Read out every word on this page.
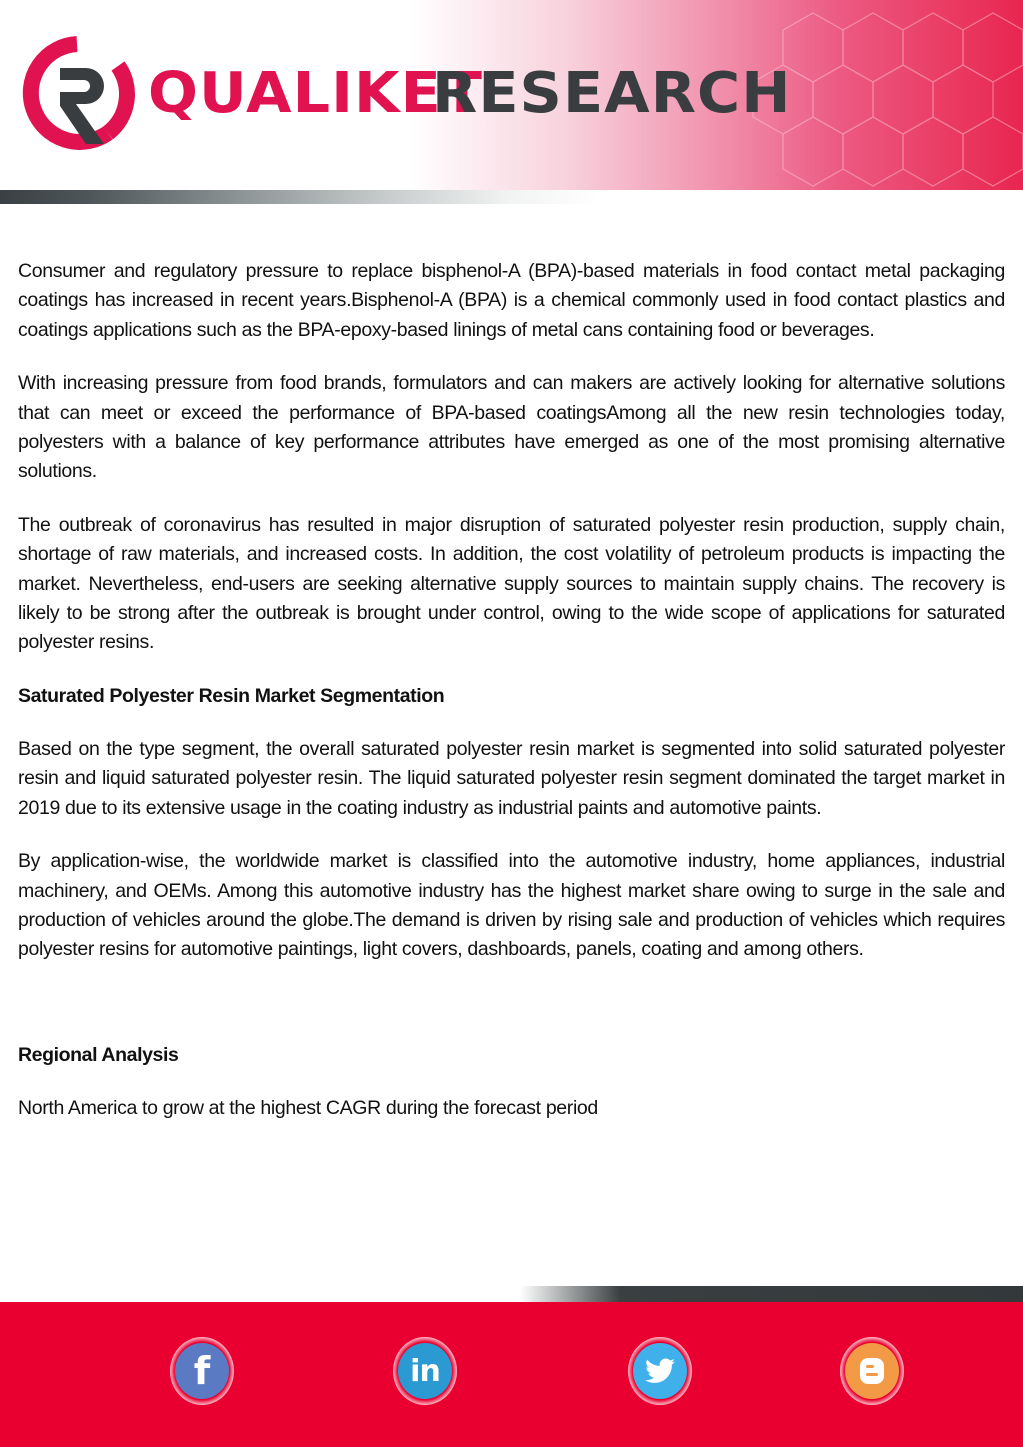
QUALIKET
RESEARCH

Consumer and regulatory pressure to replace bisphenol-A (BPA)-based materials in food contact metal packaging coatings has increased in recent years.Bisphenol-A (BPA) is a chemical commonly used in food contact plastics and coatings applications such as the BPA-epoxy-based linings of metal cans containing food or beverages.

With increasing pressure from food brands, formulators and can makers are actively looking for alternative solutions that can meet or exceed the performance of BPA-based coatingsAmong all the new resin technologies today, polyesters with a balance of key performance attributes have emerged as one of the most promising alternative solutions.

The outbreak of coronavirus has resulted in major disruption of saturated polyester resin production, supply chain, shortage of raw materials, and increased costs. In addition, the cost volatility of petroleum products is impacting the market. Nevertheless, end-users are seeking alternative supply sources to maintain supply chains. The recovery is likely to be strong after the outbreak is brought under control, owing to the wide scope of applications for saturated polyester resins.

Saturated Polyester Resin Market Segmentation

Based on the type segment, the overall saturated polyester resin market is segmented into solid saturated polyester resin and liquid saturated polyester resin. The liquid saturated polyester resin segment dominated the target market in 2019 due to its extensive usage in the coating industry as industrial paints and automotive paints.

By application-wise, the worldwide market is classified into the automotive industry, home appliances, industrial machinery, and OEMs. Among this automotive industry has the highest market share owing to surge in the sale and production of vehicles around the globe.The demand is driven by rising sale and production of vehicles which requires polyester resins for automotive paintings, light covers, dashboards, panels, coating and among others.

Regional Analysis

North America to grow at the highest CAGR during the forecast period

f	in
